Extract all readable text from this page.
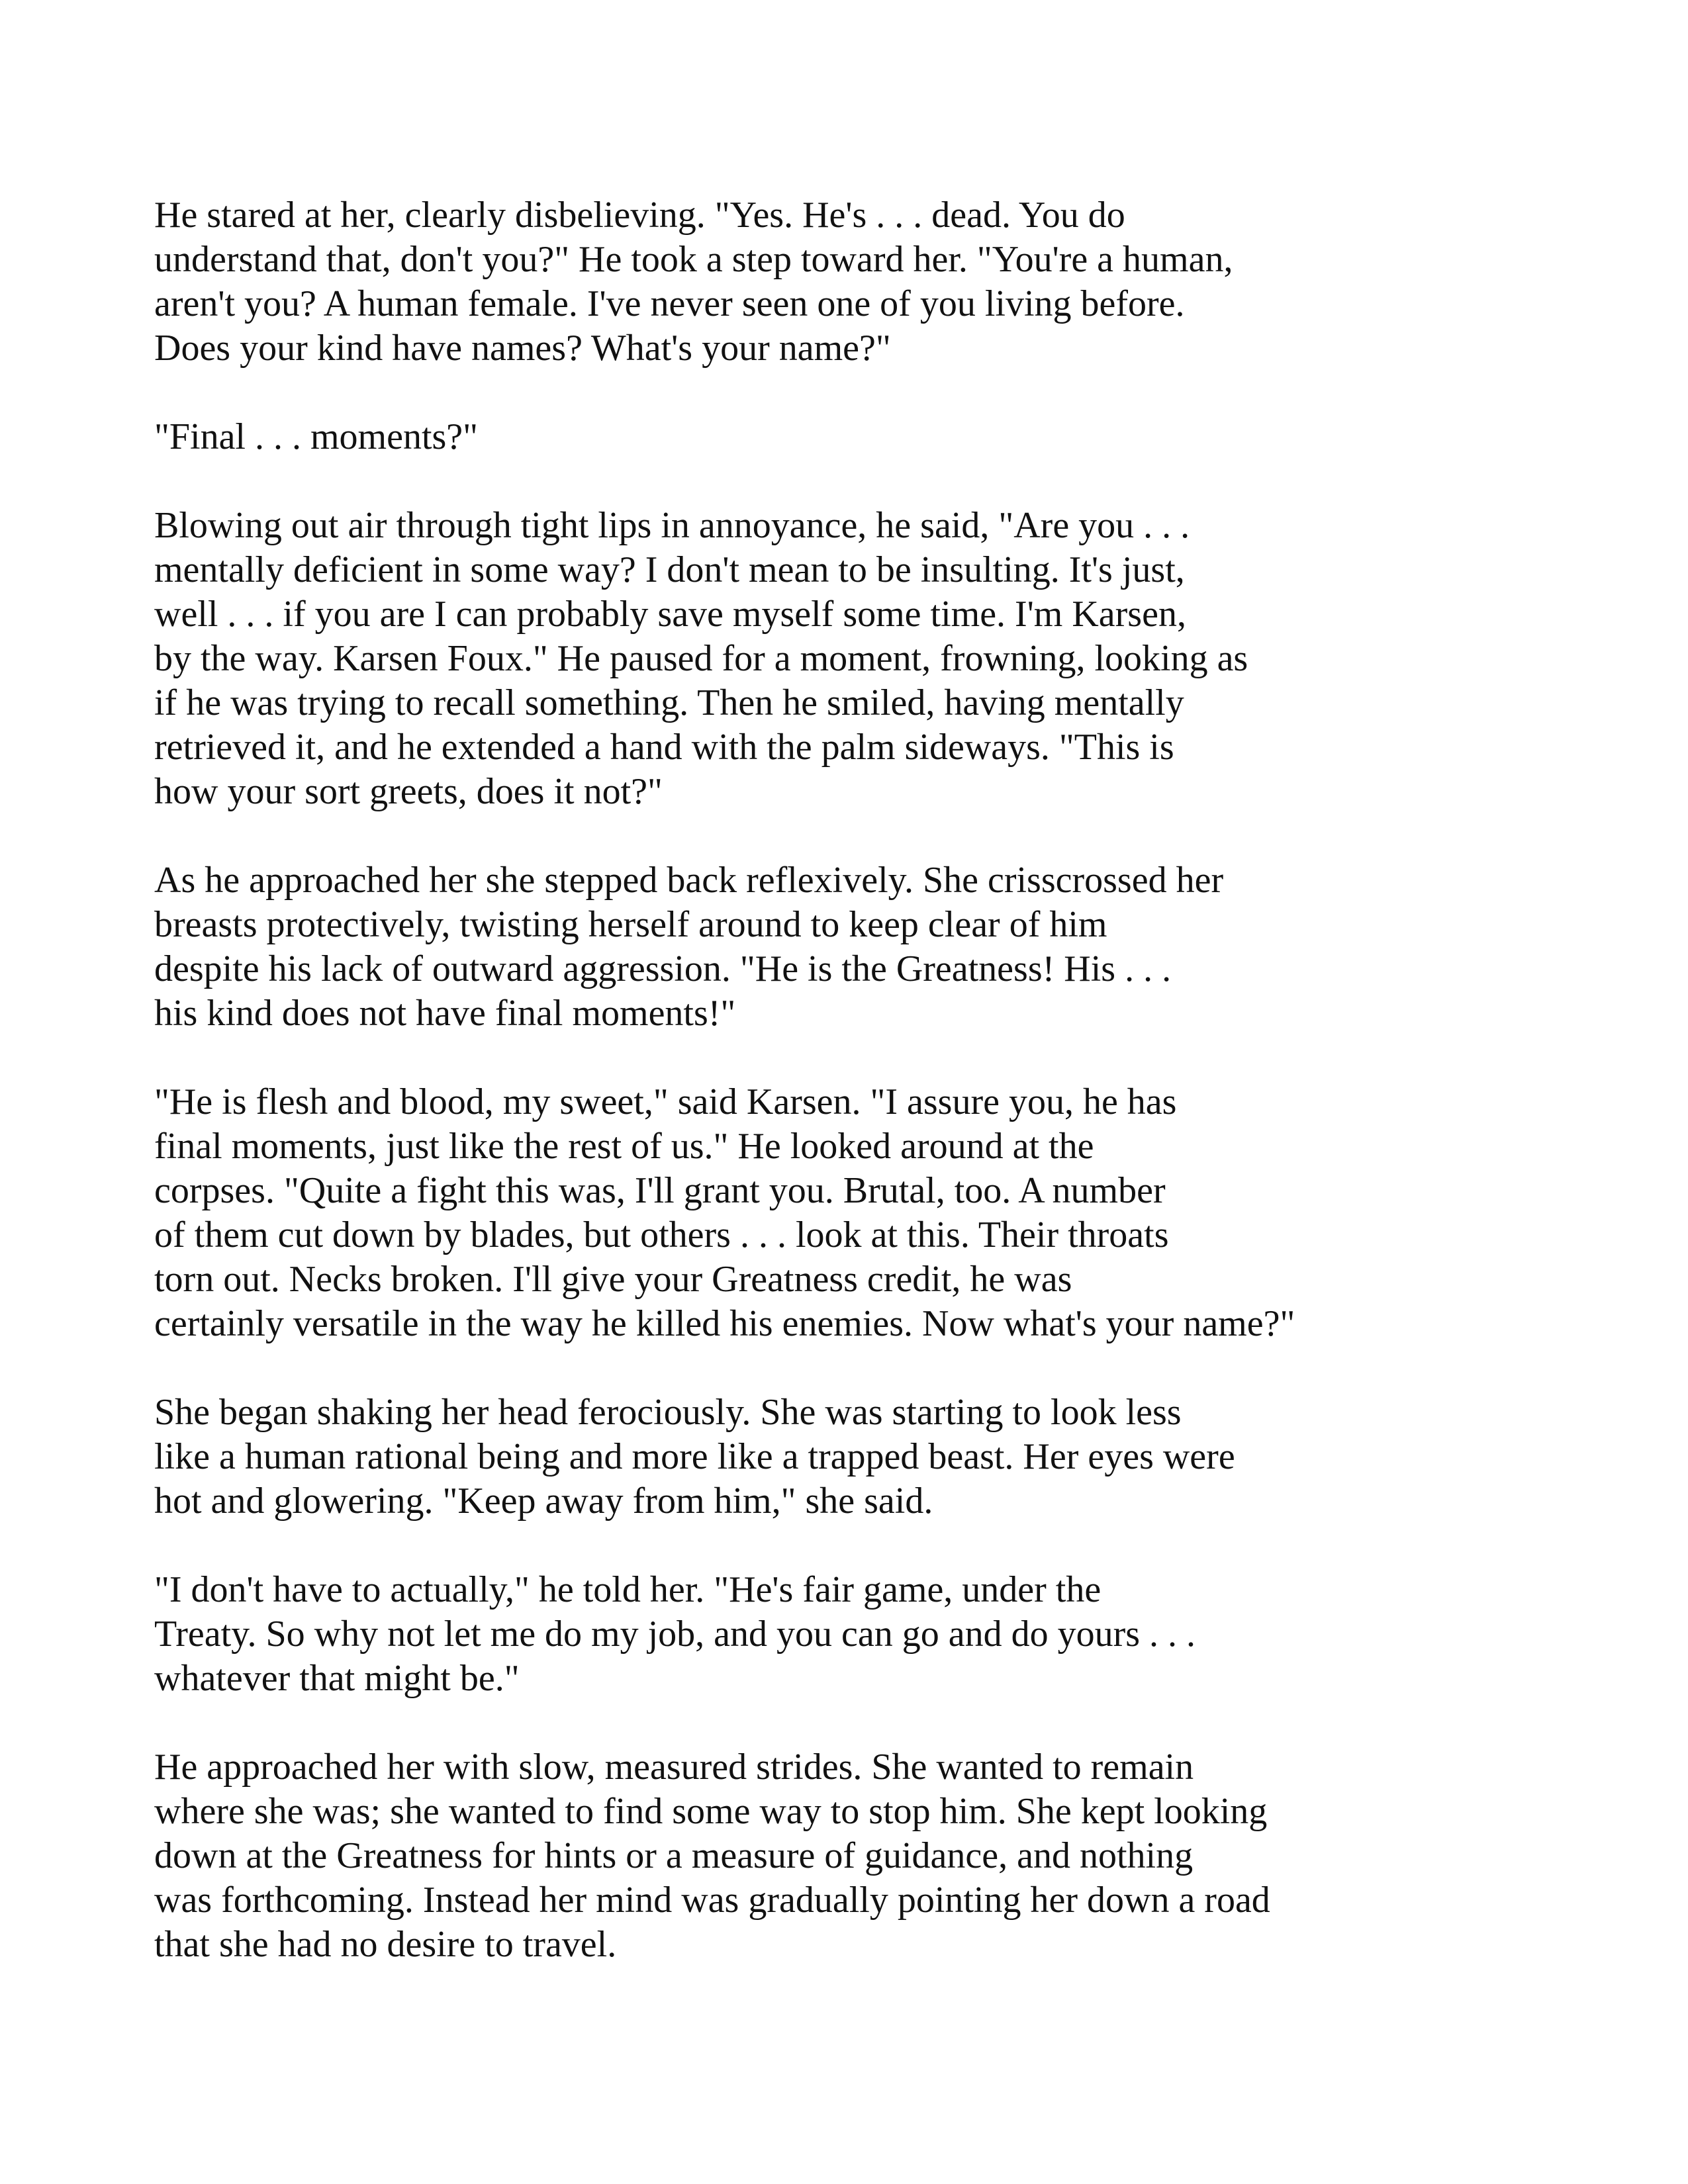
He stared at her, clearly disbelieving. "Yes. He's . . . dead. You do
understand that, don't you?" He took a step toward her. "You're a human,
aren't you? A human female. I've never seen one of you living before.
Does your kind have names? What's your name?"

"Final . . . moments?"

Blowing out air through tight lips in annoyance, he said, "Are you . . .
mentally deficient in some way? I don't mean to be insulting. It's just,
well . . . if you are I can probably save myself some time. I'm Karsen,
by the way. Karsen Foux." He paused for a moment, frowning, looking as
if he was trying to recall something. Then he smiled, having mentally
retrieved it, and he extended a hand with the palm sideways. "This is
how your sort greets, does it not?"

As he approached her she stepped back reflexively. She crisscrossed her
breasts protectively, twisting herself around to keep clear of him
despite his lack of outward aggression. "He is the Greatness! His . . .
his kind does not have final moments!"

"He is flesh and blood, my sweet," said Karsen. "I assure you, he has
final moments, just like the rest of us." He looked around at the
corpses. "Quite a fight this was, I'll grant you. Brutal, too. A number
of them cut down by blades, but others . . . look at this. Their throats
torn out. Necks broken. I'll give your Greatness credit, he was
certainly versatile in the way he killed his enemies. Now what's your name?"

She began shaking her head ferociously. She was starting to look less
like a human rational being and more like a trapped beast. Her eyes were
hot and glowering. "Keep away from him," she said.

"I don't have to actually," he told her. "He's fair game, under the
Treaty. So why not let me do my job, and you can go and do yours . . .
whatever that might be."

He approached her with slow, measured strides. She wanted to remain
where she was; she wanted to find some way to stop him. She kept looking
down at the Greatness for hints or a measure of guidance, and nothing
was forthcoming. Instead her mind was gradually pointing her down a road
that she had no desire to travel.
